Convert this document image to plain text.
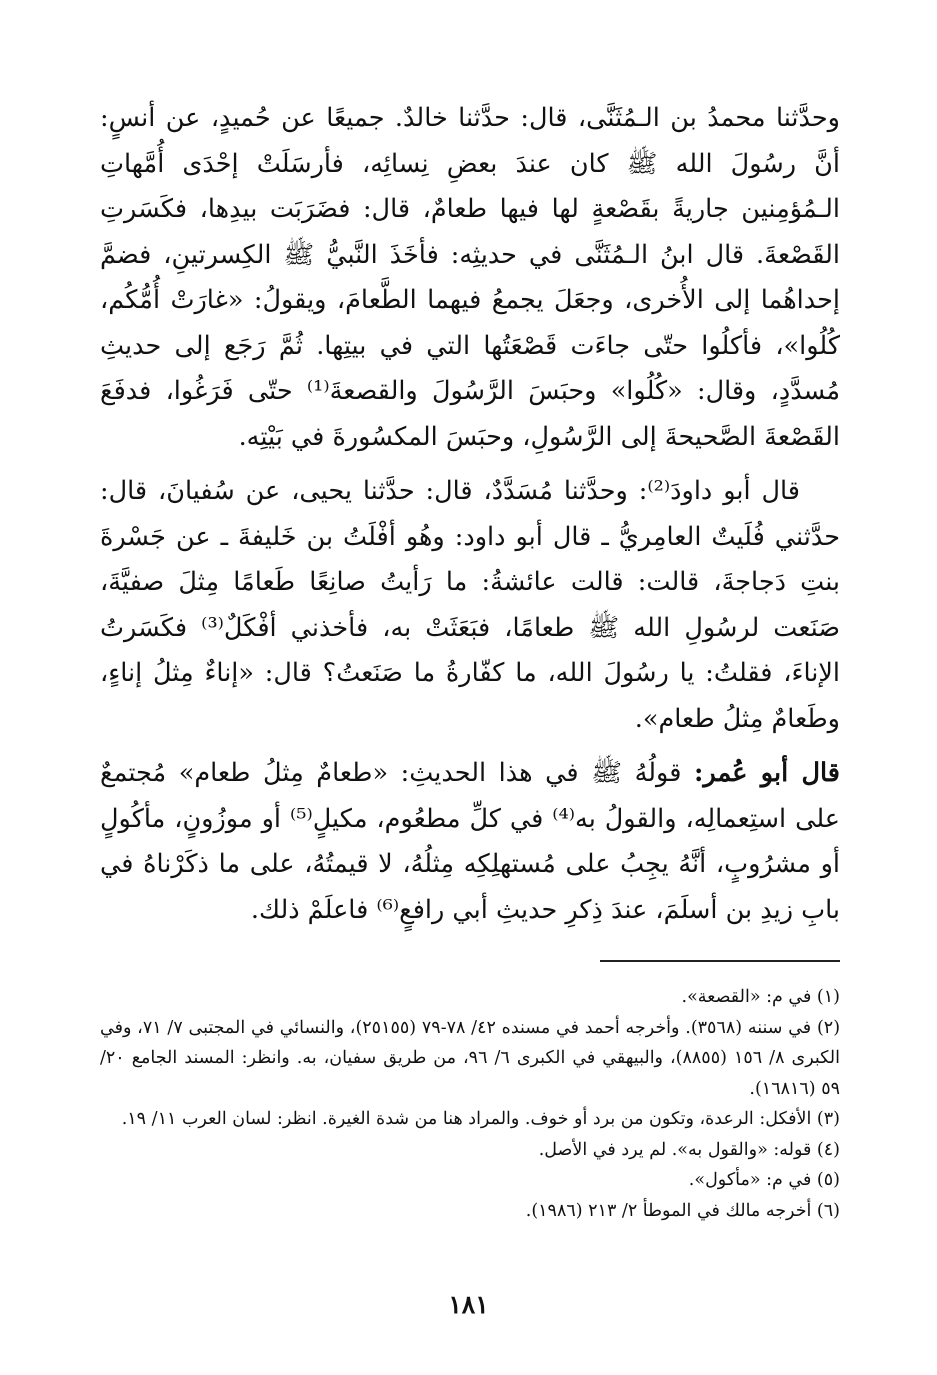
وحدَّثنا محمدُ بن الـمُثَنَّى، قال: حدَّثنا خالدٌ. جميعًا عن حُميدٍ، عن أنسٍ: أنَّ رسُولَ الله ﷺ كان عندَ بعضِ نِسائِه، فأرسَلَتْ إحْدَى أُمَّهاتِ الـمُؤمِنين جاريةً بقَصْعةٍ لها فيها طعامٌ، قال: فضَرَبَت بيدِها، فكَسَرتِ القَصْعةَ. قال ابنُ الـمُثَنَّى في حديثِه: فأخَذَ النَّبيُّ ﷺ الكِسرتينِ، فضمَّ إحداهُما إلى الأُخرى، وجعَلَ يجمعُ فيهما الطَّعامَ، ويقولُ: «غارَتْ أُمُّكُم، كُلُوا»، فأكلُوا حتّى جاءَت قَصْعَتُها التي في بيتِها. ثُمَّ رَجَع إلى حديثِ مُسدَّدٍ، وقال: «كُلُوا» وحبَسَ الرَّسُولَ والقصعةَ⁽¹⁾ حتّى فَرَغُوا، فدفَعَ القَصْعةَ الصَّحيحةَ إلى الرَّسُولِ، وحبَسَ المكسُورةَ في بَيْتِه.

قال أبو داودَ⁽²⁾: وحدَّثنا مُسَدَّدٌ، قال: حدَّثنا يحيى، عن سُفيانَ، قال: حدَّثني فُلَيتٌ العامِريُّ ـ قال أبو داود: وهُو أفْلَتُ بن خَليفةَ ـ عن جَسْرةَ بنتِ دَجاجةَ، قالت: قالت عائشةُ: ما رَأيتُ صانِعًا طَعامًا مِثلَ صفيَّةَ، صَنَعت لرسُولِ الله ﷺ طعامًا، فبَعَثَتْ به، فأخذني أفْكَلٌ⁽³⁾ فكَسَرتُ الإناءَ، فقلتُ: يا رسُولَ الله، ما كفّارةُ ما صَنَعتُ؟ قال: «إناءٌ مِثلُ إناءٍ، وطَعامٌ مِثلُ طعام».

قال أبو عُمر: قولُهُ ﷺ في هذا الحديثِ: «طعامٌ مِثلُ طعام» مُجتمعٌ على استِعمالِه، والقولُ به⁽⁴⁾ في كلِّ مطعُوم، مكيلٍ⁽⁵⁾ أو موزُونٍ، مأكُولٍ أو مشرُوبٍ، أنَّهُ يجِبُ على مُستهلِكِه مِثلُهُ، لا قيمتُهُ، على ما ذكَرْناهُ في بابِ زيدِ بن أسلَمَ، عندَ ذِكرِ حديثِ أبي رافعٍ⁽⁶⁾ فاعلَمْ ذلك.

(١) في م: «القصعة».

(٢) في سننه (٣٥٦٨). وأخرجه أحمد في مسنده ٤٢/ ٧٨-٧٩ (٢٥١٥٥)، والنسائي في المجتبى ٧/ ٧١، وفي الكبرى ٨/ ١٥٦ (٨٨٥٥)، والبيهقي في الكبرى ٦/ ٩٦، من طريق سفيان، به. وانظر: المسند الجامع ٢٠/ ٥٩ (١٦٨١٦).

(٣) الأفكل: الرعدة، وتكون من برد أو خوف. والمراد هنا من شدة الغيرة. انظر: لسان العرب ١١/ ١٩.

(٤) قوله: «والقول به». لم يرد في الأصل.

(٥) في م: «مأكول».

(٦) أخرجه مالك في الموطأ ٢/ ٢١٣ (١٩٨٦).

١٨١
